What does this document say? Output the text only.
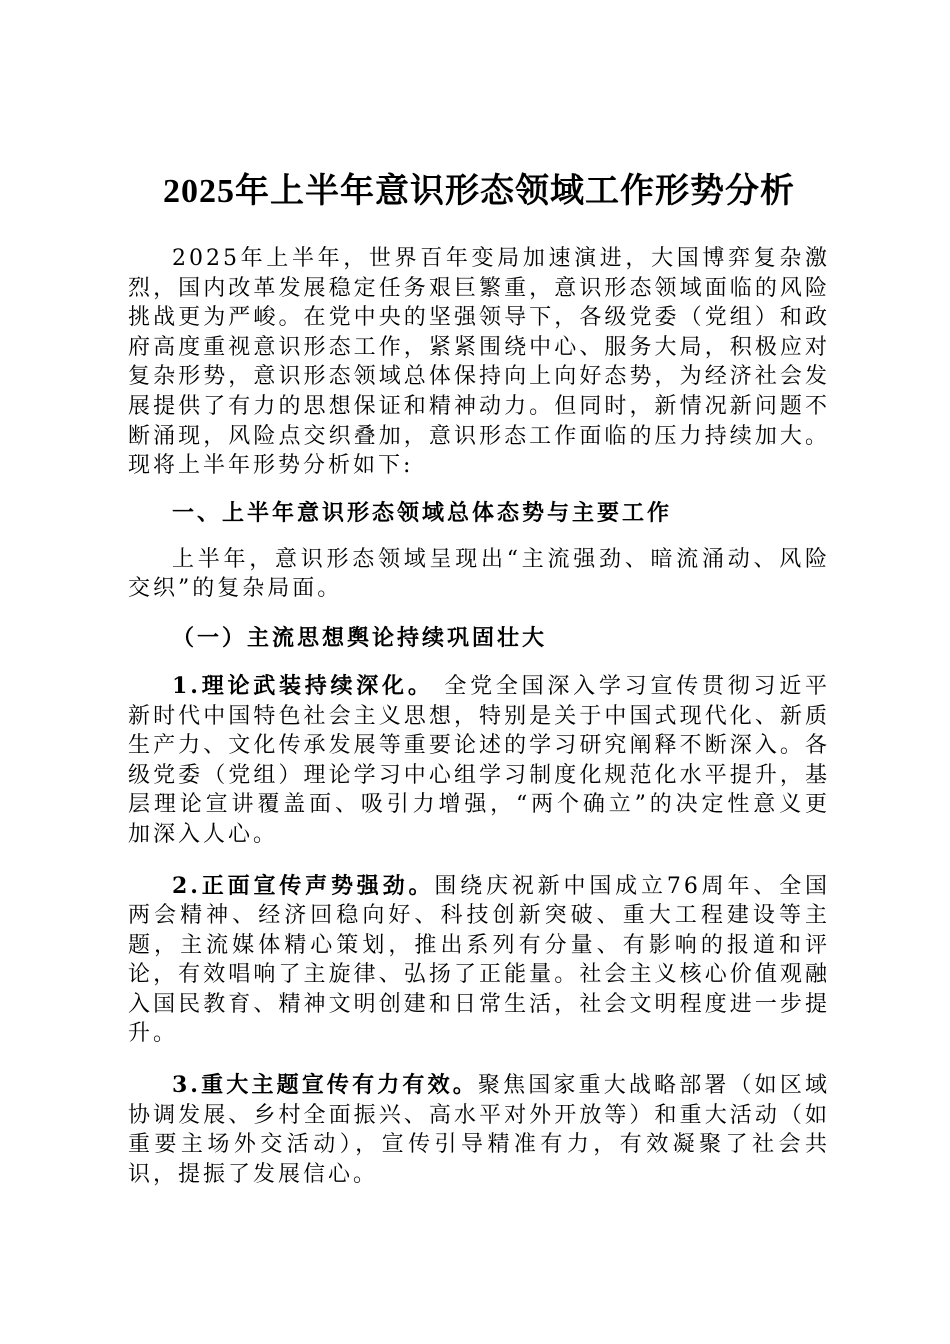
2025年上半年意识形态领域工作形势分析

2025年上半年，世界百年变局加速演进，大国博弈复杂激烈，国内改革发展稳定任务艰巨繁重，意识形态领域面临的风险挑战更为严峻。在党中央的坚强领导下，各级党委（党组）和政府高度重视意识形态工作，紧紧围绕中心、服务大局，积极应对复杂形势，意识形态领域总体保持向上向好态势，为经济社会发展提供了有力的思想保证和精神动力。但同时，新情况新问题不断涌现，风险点交织叠加，意识形态工作面临的压力持续加大。现将上半年形势分析如下:

一、上半年意识形态领域总体态势与主要工作

上半年，意识形态领域呈现出“主流强劲、暗流涌动、风险交织”的复杂局面。

（一）主流思想舆论持续巩固壮大

1.理论武装持续深化。 全党全国深入学习宣传贯彻习近平新时代中国特色社会主义思想，特别是关于中国式现代化、新质生产力、文化传承发展等重要论述的学习研究阐释不断深入。各级党委（党组）理论学习中心组学习制度化规范化水平提升，基层理论宣讲覆盖面、吸引力增强，“两个确立”的决定性意义更加深入人心。

2.正面宣传声势强劲。围绕庆祝新中国成立76周年、全国两会精神、经济回稳向好、科技创新突破、重大工程建设等主题，主流媒体精心策划，推出系列有分量、有影响的报道和评论，有效唱响了主旋律、弘扬了正能量。社会主义核心价值观融入国民教育、精神文明创建和日常生活，社会文明程度进一步提升。

3.重大主题宣传有力有效。聚焦国家重大战略部署（如区域协调发展、乡村全面振兴、高水平对外开放等）和重大活动（如重要主场外交活动），宣传引导精准有力，有效凝聚了社会共识，提振了发展信心。
